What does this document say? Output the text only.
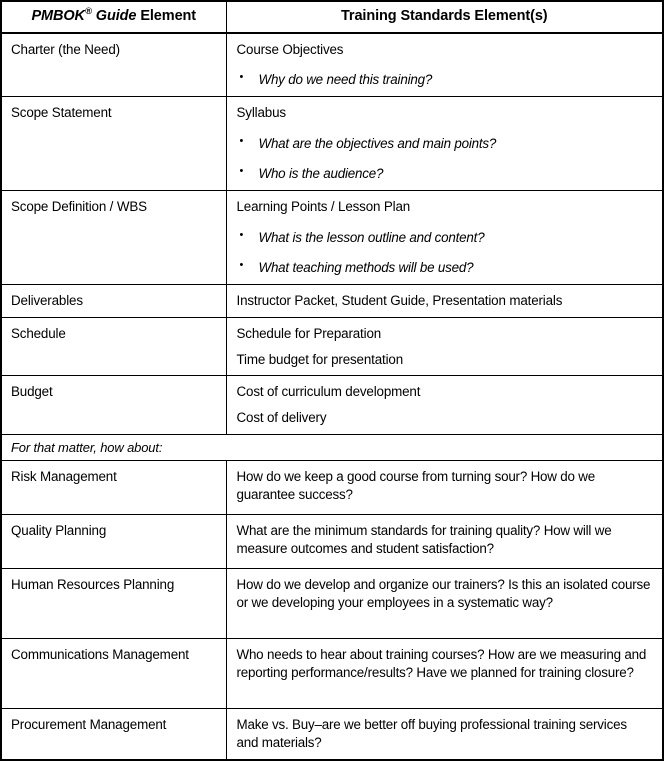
PMBOK® Guide Element	Training Standards Element(s)
Charter (the Need)	Course Objectives
• Why do we need this training?

Scope Statement	Syllabus
• What are the objectives and main points?
• Who is the audience?

Scope Definition / WBS	Learning Points / Lesson Plan
• What is the lesson outline and content?
• What teaching methods will be used?

Deliverables	Instructor Packet, Student Guide, Presentation materials

Schedule	Schedule for Preparation
Time budget for presentation

Budget	Cost of curriculum development
Cost of delivery

For that matter, how about:	
Risk Management	How do we keep a good course from turning sour? How do we guarantee success?

Quality Planning	What are the minimum standards for training quality? How will we measure outcomes and student satisfaction?

Human Resources Planning	How do we develop and organize our trainers? Is this an isolated course or we developing your employees in a systematic way?

Communications Management	Who needs to hear about training courses? How are we measuring and reporting performance/results? Have we planned for training closure?

Procurement Management	Make vs. Buy–are we better off buying professional training services and materials?
